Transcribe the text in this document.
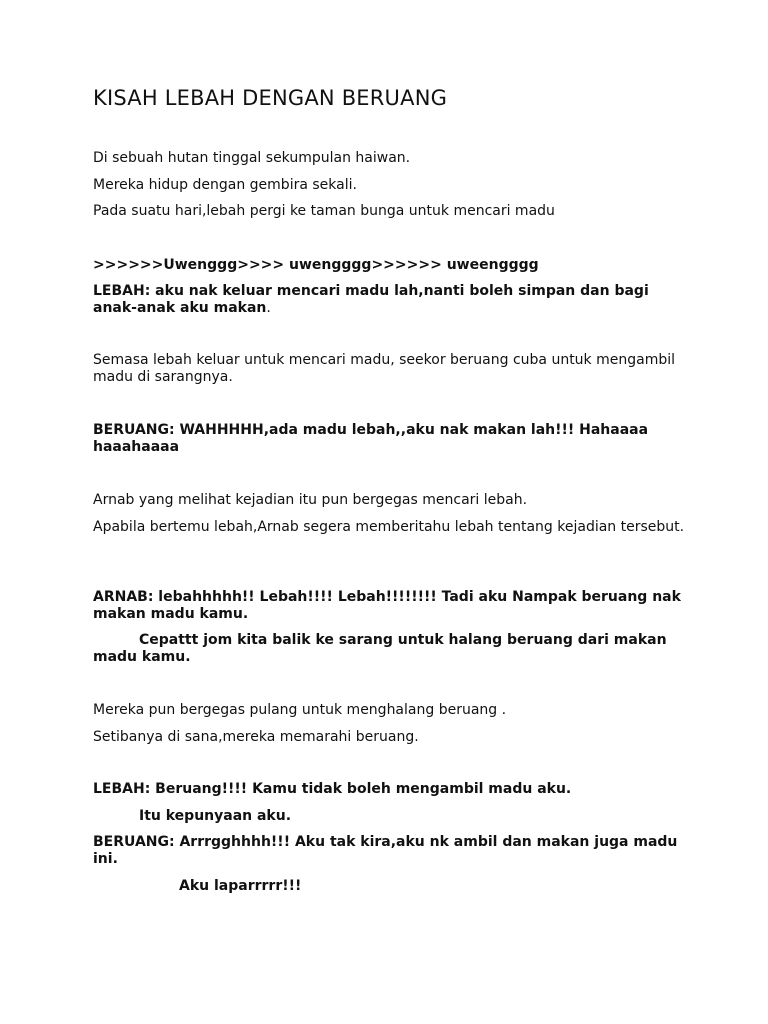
KISAH LEBAH DENGAN BERUANG

Di sebuah hutan tinggal sekumpulan haiwan.

Mereka hidup dengan gembira sekali.

Pada suatu hari,lebah pergi ke taman bunga untuk mencari madu

>>>>>>Uwenggg>>>> uwengggg>>>>>> uweengggg

LEBAH: aku nak keluar mencari madu lah,nanti boleh simpan dan bagi anak-anak aku makan.

Semasa lebah keluar untuk mencari madu, seekor beruang cuba untuk mengambil madu di sarangnya.

BERUANG: WAHHHHH,ada madu lebah,,aku nak makan lah!!! Hahaaaa haaahaaaa

Arnab yang melihat kejadian itu pun bergegas mencari lebah.

Apabila bertemu lebah,Arnab segera memberitahu lebah tentang kejadian tersebut.

ARNAB: lebahhhhh!! Lebah!!!! Lebah!!!!!!!! Tadi aku Nampak beruang nak makan madu kamu.

Cepattt jom kita balik ke sarang untuk halang beruang dari makan madu kamu.

Mereka pun bergegas pulang untuk menghalang beruang .

Setibanya di sana,mereka memarahi beruang.

LEBAH: Beruang!!!! Kamu tidak boleh mengambil madu aku.

Itu kepunyaan aku.

BERUANG: Arrrgghhhh!!! Aku tak kira,aku nk ambil dan makan juga madu ini.

Aku laparrrrr!!!
